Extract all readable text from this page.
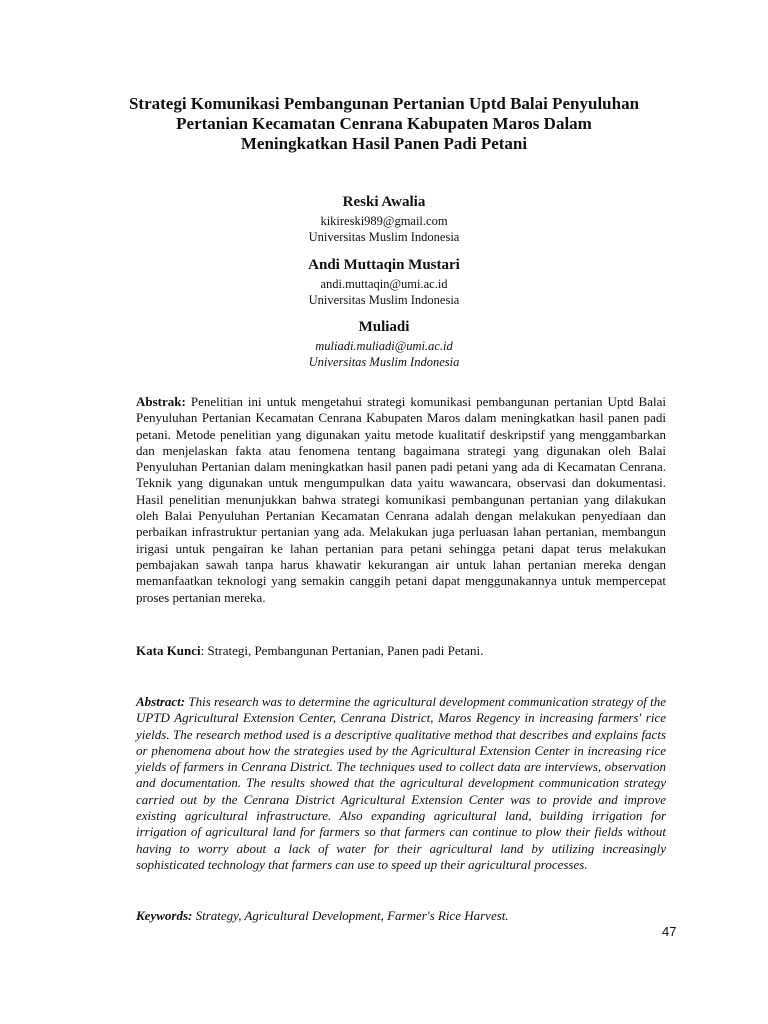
Strategi Komunikasi Pembangunan Pertanian Uptd Balai Penyuluhan
Pertanian Kecamatan Cenrana Kabupaten Maros Dalam
Meningkatkan Hasil Panen Padi Petani
Reski Awalia
kikireski989@gmail.com
Universitas Muslim Indonesia
Andi Muttaqin Mustari
andi.muttaqin@umi.ac.id
Universitas Muslim Indonesia
Muliadi
muliadi.muliadi@umi.ac.id
Universitas Muslim Indonesia
Abstrak: Penelitian ini untuk mengetahui strategi komunikasi pembangunan pertanian Uptd Balai Penyuluhan Pertanian Kecamatan Cenrana Kabupaten Maros dalam meningkatkan hasil panen padi petani. Metode penelitian yang digunakan yaitu metode kualitatif deskripstif yang menggambarkan dan menjelaskan fakta atau fenomena tentang bagaimana strategi yang digunakan oleh Balai Penyuluhan Pertanian dalam meningkatkan hasil panen padi petani yang ada di Kecamatan Cenrana. Teknik yang digunakan untuk mengumpulkan data yaitu wawancara, observasi dan dokumentasi. Hasil penelitian menunjukkan bahwa strategi komunikasi pembangunan pertanian yang dilakukan oleh Balai Penyuluhan Pertanian Kecamatan Cenrana adalah dengan melakukan penyediaan dan perbaikan infrastruktur pertanian yang ada. Melakukan juga perluasan lahan pertanian, membangun irigasi untuk pengairan ke lahan pertanian para petani sehingga petani dapat terus melakukan pembajakan sawah tanpa harus khawatir kekurangan air untuk lahan pertanian mereka dengan memanfaatkan teknologi yang semakin canggih petani dapat menggunakannya untuk mempercepat proses pertanian mereka.
Kata Kunci: Strategi, Pembangunan Pertanian, Panen padi Petani.
Abstract: This research was to determine the agricultural development communication strategy of the UPTD Agricultural Extension Center, Cenrana District, Maros Regency in increasing farmers' rice yields. The research method used is a descriptive qualitative method that describes and explains facts or phenomena about how the strategies used by the Agricultural Extension Center in increasing rice yields of farmers in Cenrana District. The techniques used to collect data are interviews, observation and documentation. The results showed that the agricultural development communication strategy carried out by the Cenrana District Agricultural Extension Center was to provide and improve existing agricultural infrastructure. Also expanding agricultural land, building irrigation for irrigation of agricultural land for farmers so that farmers can continue to plow their fields without having to worry about a lack of water for their agricultural land by utilizing increasingly sophisticated technology that farmers can use to speed up their agricultural processes.
Keywords: Strategy, Agricultural Development, Farmer's Rice Harvest.
47
